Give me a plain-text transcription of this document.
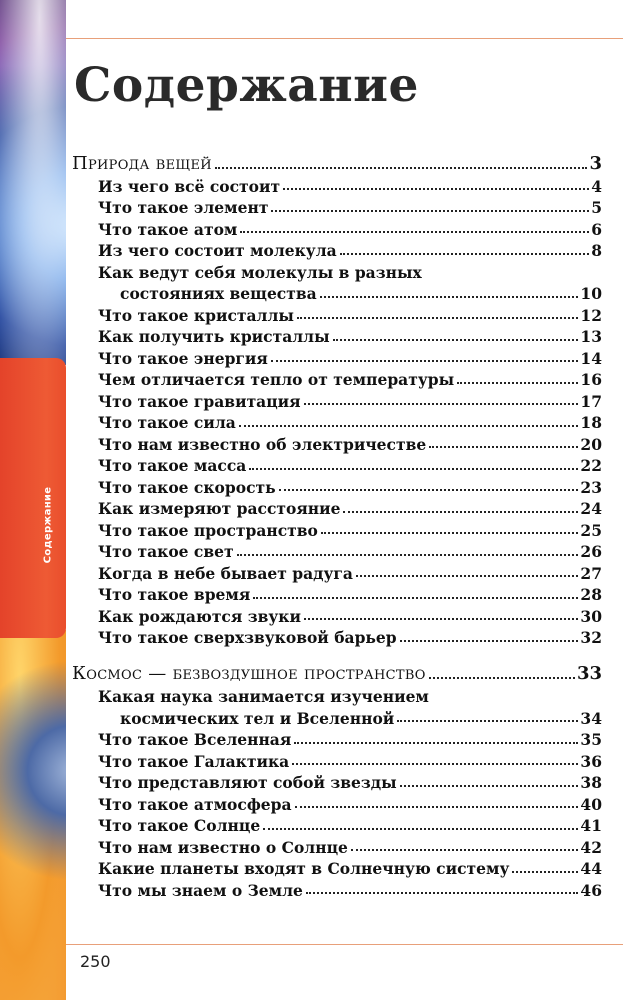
Содержание
Содержание
Природа вещей	3
Из чего всё состоит	4
Что такое элемент	5
Что такое атом	6
Из чего состоит молекула	8
Как ведут себя молекулы в разных
состояниях вещества	10
Что такое кристаллы	12
Как получить кристаллы	13
Что такое энергия	14
Чем отличается тепло от температуры	16
Что такое гравитация	17
Что такое сила	18
Что нам известно об электричестве	20
Что такое масса	22
Что такое скорость	23
Как измеряют расстояние	24
Что такое пространство	25
Что такое свет	26
Когда в небе бывает радуга	27
Что такое время	28
Как рождаются звуки	30
Что такое сверхзвуковой барьер	32
Космос — безвоздушное пространство	33
Какая наука занимается изучением
космических тел и Вселенной	34
Что такое Вселенная	35
Что такое Галактика	36
Что представляют собой звезды	38
Что такое атмосфера	40
Что такое Солнце	41
Что нам известно о Солнце	42
Какие планеты входят в Солнечную систему	44
Что мы знаем о Земле	46
250
